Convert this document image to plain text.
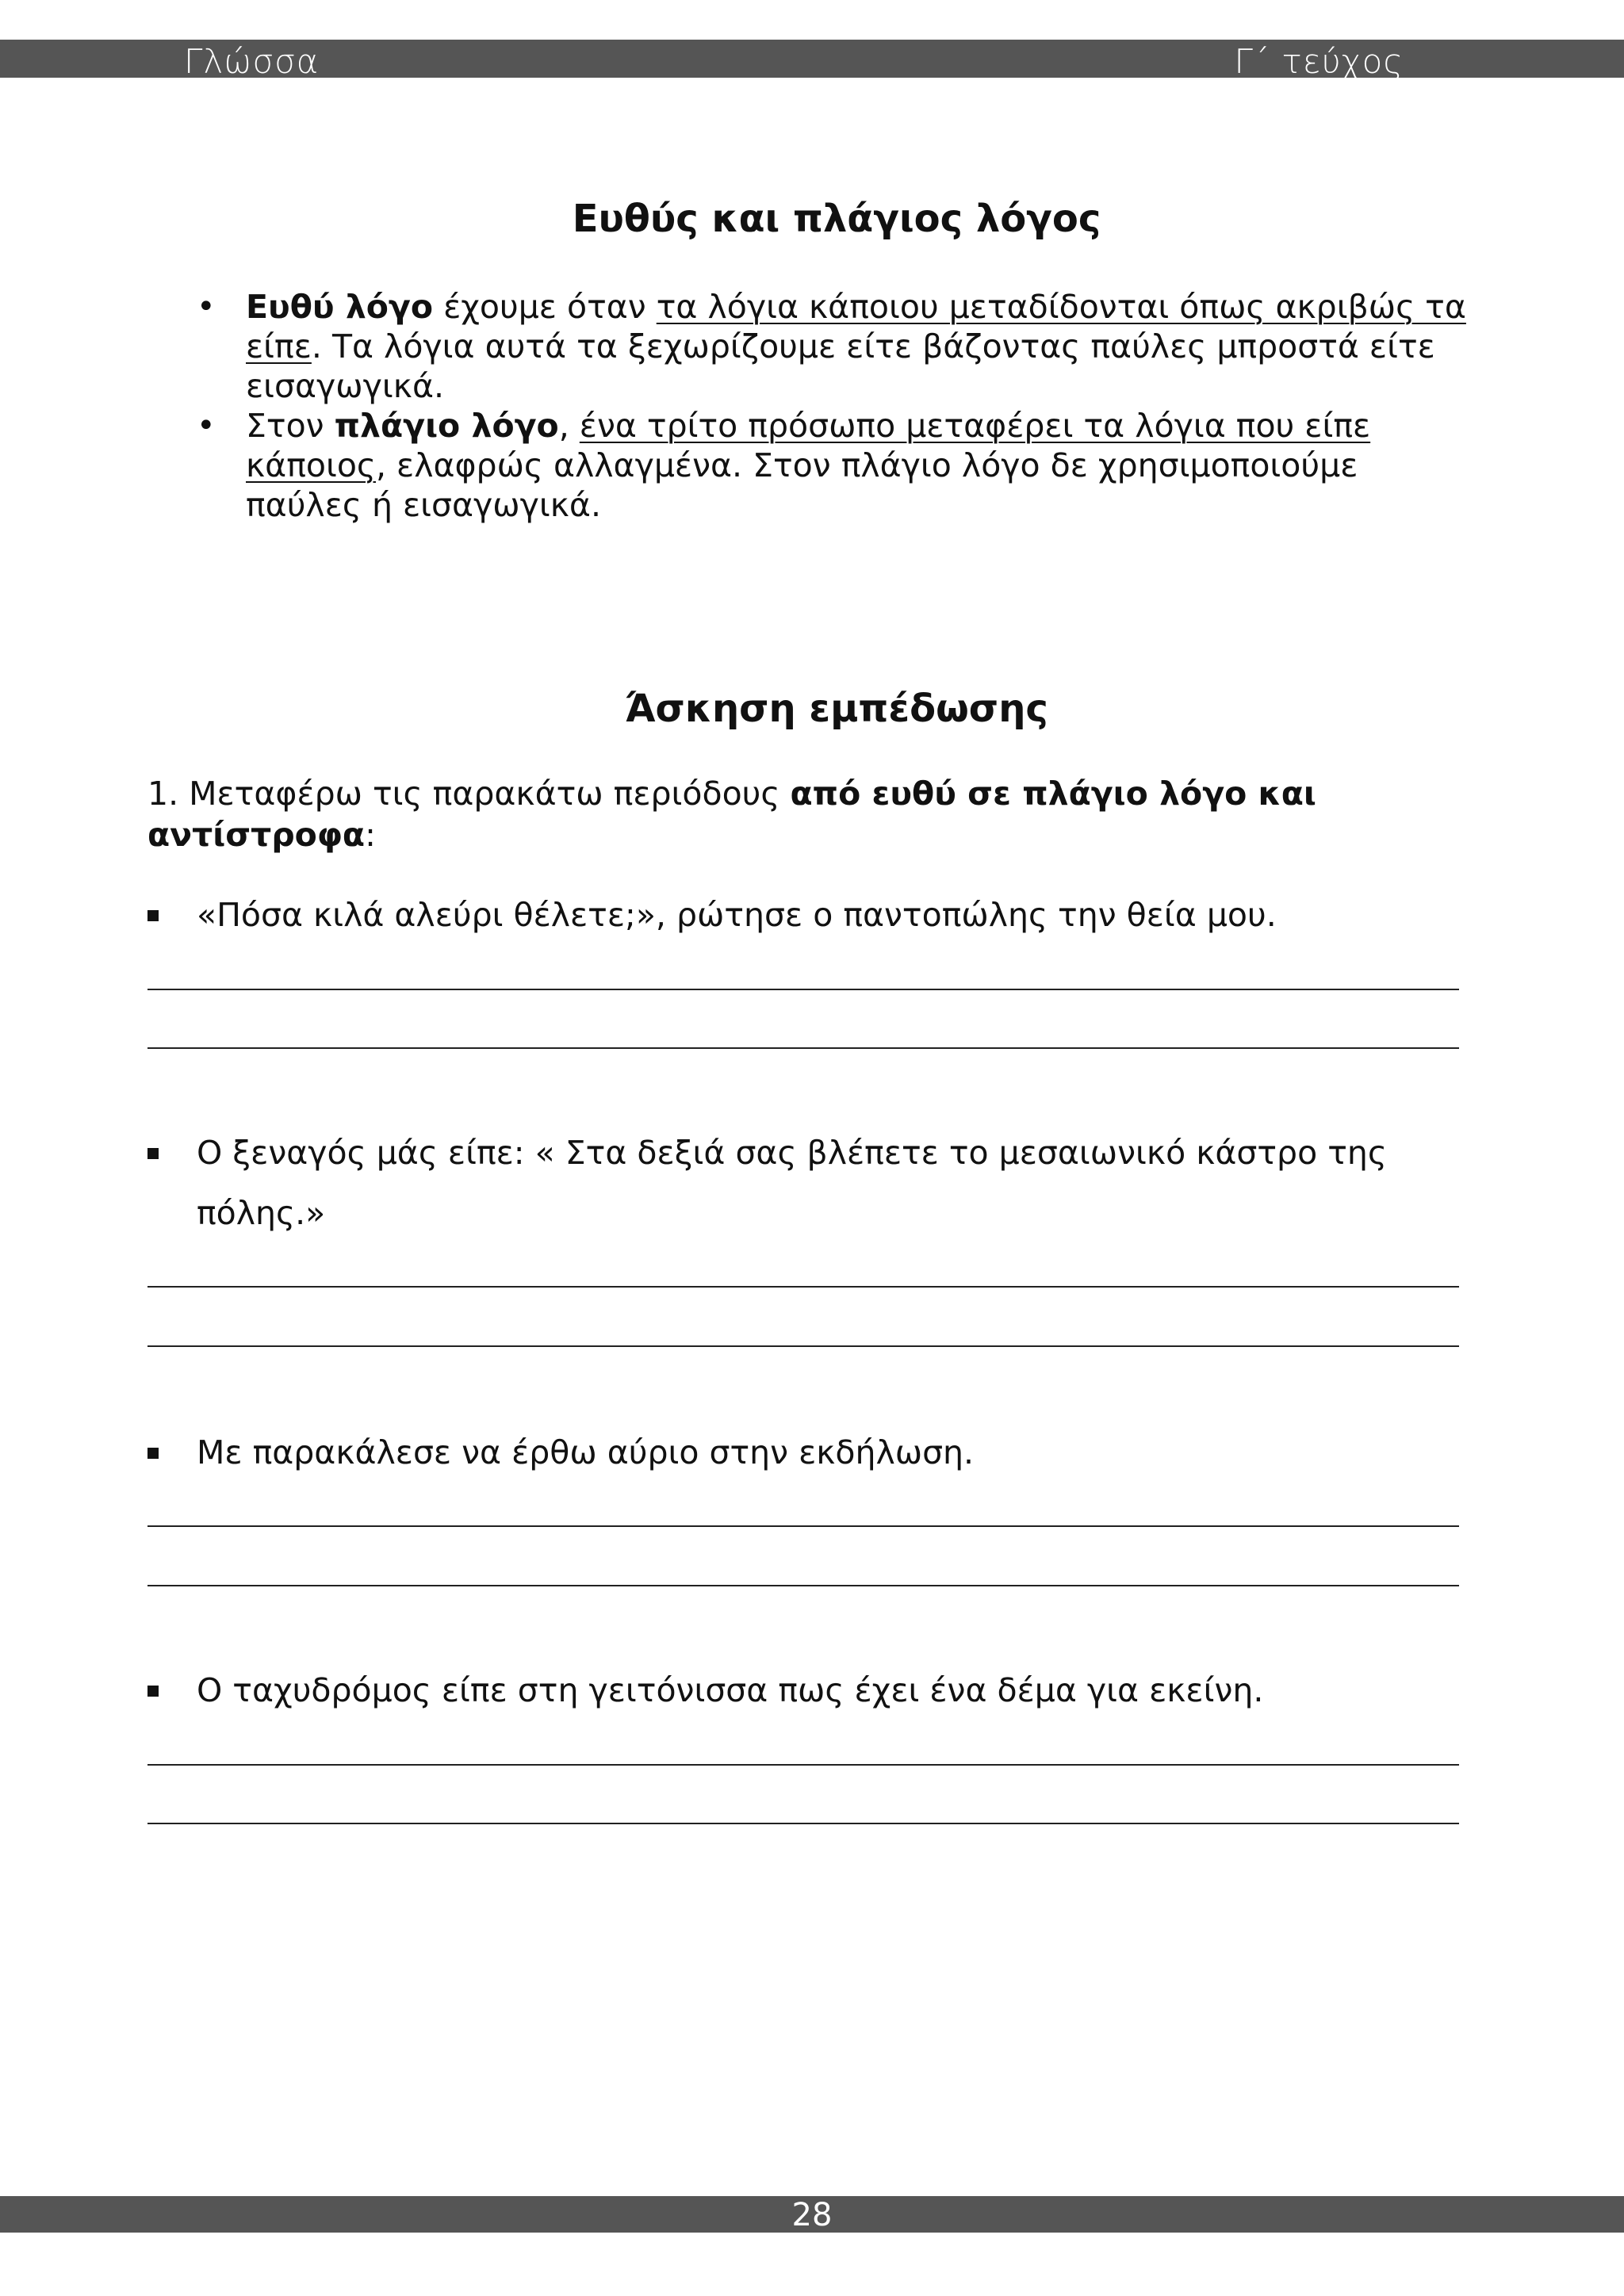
Γλώσσα	Γ΄ τεύχος
Ευθύς και πλάγιος λόγος
• Ευθύ λόγο έχουμε όταν τα λόγια κάποιου μεταδίδονται όπως ακριβώς τα είπε. Τα λόγια αυτά τα ξεχωρίζουμε είτε βάζοντας παύλες μπροστά είτε εισαγωγικά.
• Στον πλάγιο λόγο, ένα τρίτο πρόσωπο μεταφέρει τα λόγια που είπε κάποιος, ελαφρώς αλλαγμένα. Στον πλάγιο λόγο δε χρησιμοποιούμε παύλες ή εισαγωγικά.
Άσκηση εμπέδωσης

1. Μεταφέρω τις παρακάτω περιόδους από ευθύ σε πλάγιο λόγο και αντίστροφα:

«Πόσα κιλά αλεύρι θέλετε;», ρώτησε ο παντοπώλης την θεία μου.

Ο ξεναγός μάς είπε: « Στα δεξιά σας βλέπετε το μεσαιωνικό κάστρο της πόλης.»

Με παρακάλεσε να έρθω αύριο στην εκδήλωση.

Ο ταχυδρόμος είπε στη γειτόνισσα πως έχει ένα δέμα για εκείνη.

28
